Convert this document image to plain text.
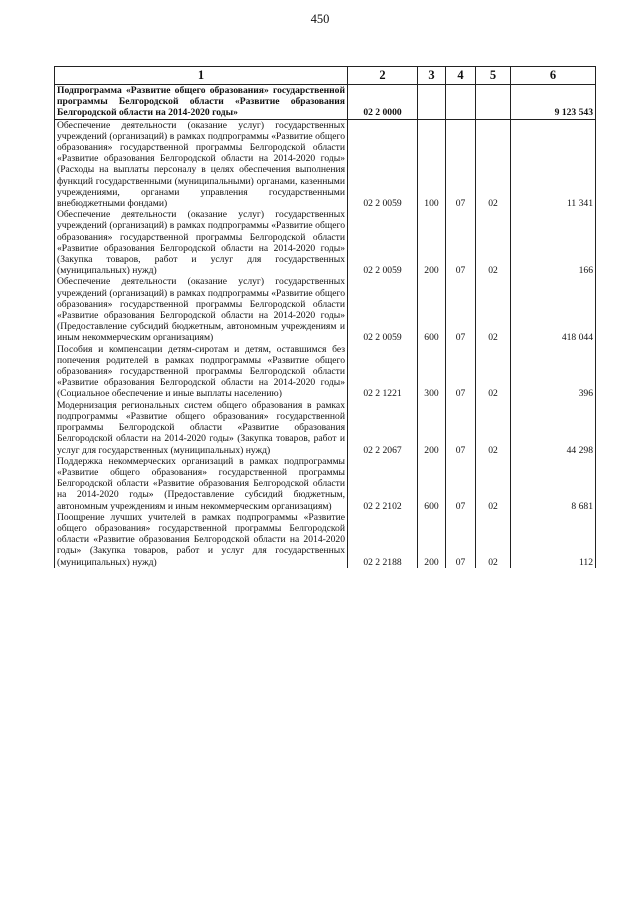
450
1	2	3	4	5	6
Подпрограмма «Развитие общего образования» государственной программы Белгородской области «Развитие образования Белгородской области на 2014-2020 годы»	02 2 0000				9 123 543
Обеспечение деятельности (оказание услуг) государственных учреждений (организаций) в рамках подпрограммы «Развитие общего образования» государственной программы Белгородской области «Развитие образования Белгородской области на 2014-2020 годы» (Расходы на выплаты персоналу в целях обеспечения выполнения функций государственными (муниципальными) органами, казенными учреждениями, органами управления государственными внебюджетными фондами)	02 2 0059	100	07	02	11 341
Обеспечение деятельности (оказание услуг) государственных учреждений (организаций) в рамках подпрограммы «Развитие общего образования» государственной программы Белгородской области «Развитие образования Белгородской области на 2014-2020 годы» (Закупка товаров, работ и услуг для государственных (муниципальных) нужд)	02 2 0059	200	07	02	166
Обеспечение деятельности (оказание услуг) государственных учреждений (организаций) в рамках подпрограммы «Развитие общего образования» государственной программы Белгородской области «Развитие образования Белгородской области на 2014-2020 годы» (Предоставление субсидий бюджетным, автономным учреждениям и иным некоммерческим организациям)	02 2 0059	600	07	02	418 044
Пособия и компенсации детям-сиротам и детям, оставшимся без попечения родителей в рамках подпрограммы «Развитие общего образования» государственной программы Белгородской области «Развитие образования Белгородской области на 2014-2020 годы» (Социальное обеспечение и иные выплаты населению)	02 2 1221	300	07	02	396
Модернизация региональных систем общего образования в рамках подпрограммы «Развитие общего образования» государственной программы Белгородской области «Развитие образования Белгородской области на 2014-2020 годы» (Закупка товаров, работ и услуг для государственных (муниципальных) нужд)	02 2 2067	200	07	02	44 298
Поддержка некоммерческих организаций в рамках подпрограммы «Развитие общего образования» государственной программы Белгородской области «Развитие образования Белгородской области на 2014-2020 годы» (Предоставление субсидий бюджетным, автономным учреждениям и иным некоммерческим организациям)	02 2 2102	600	07	02	8 681
Поощрение лучших учителей в рамках подпрограммы «Развитие общего образования» государственной программы Белгородской области «Развитие образования Белгородской области на 2014-2020 годы» (Закупка товаров, работ и услуг для государственных (муниципальных) нужд)	02 2 2188	200	07	02	112
